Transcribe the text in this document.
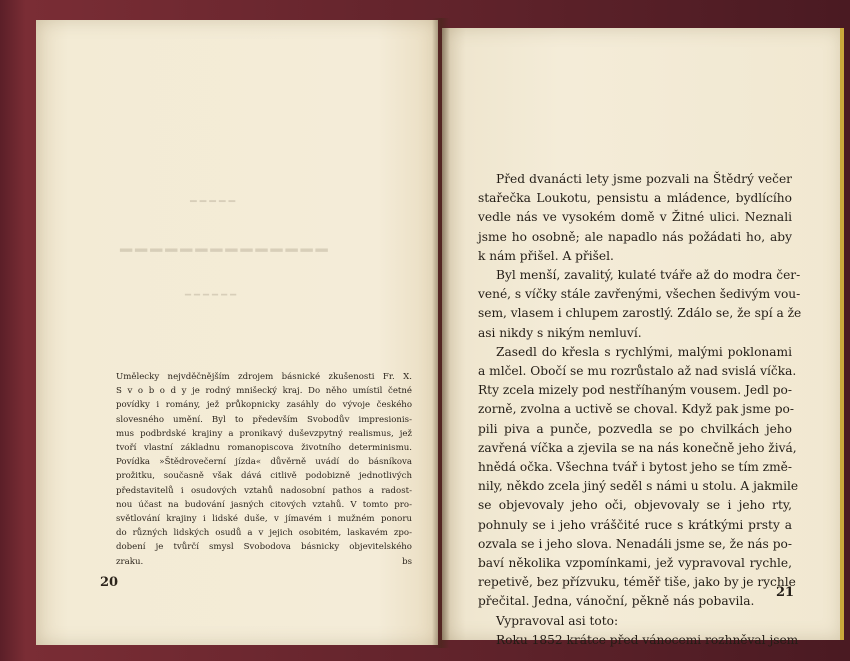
━━━━━
━━━━━━━━━━━━━━
━━━━━━
Umělecky nejvděčnějším zdrojem básnické zkušenosti Fr. X.
S v o b o d y je rodný mnišecký kraj. Do něho umístil četné
povídky i romány, jež průkopnicky zasáhly do vývoje českého
slovesného umění. Byl to především Svobodův impresionis-
mus podbrdské krajiny a pronikavý duševzpytný realismus, jež
tvoří vlastní základnu romanopiscova životního determinismu.
Povídka »Štědrovečerní jízda« důvěrně uvádí do básníkova
prožitku, současně však dává citlivě podobizně jednotlivých
představitelů i osudových vztahů nadosobní pathos a radost-
nou účast na budování jasných citových vztahů. V tomto pro-
světlování krajiny i lidské duše, v jímavém i mužném ponoru
do různých lidských osudů a v jejich osobitém, laskavém zpo-
dobení je tvůrčí smysl Svobodova básnicky objevitelského
zraku.	bs
20
Před dvanácti lety jsme pozvali na Štědrý večer
stařečka Loukotu, pensistu a mládence, bydlícího
vedle nás ve vysokém domě v Žitné ulici. Neznali
jsme ho osobně; ale napadlo nás požádati ho, aby
k nám přišel. A přišel.
Byl menší, zavalitý, kulaté tváře až do modra čer-
vené, s víčky stále zavřenými, všechen šedivým vou-
sem, vlasem i chlupem zarostlý. Zdálo se, že spí a že
asi nikdy s nikým nemluví.
Zasedl do křesla s rychlými, malými poklonami
a mlčel. Obočí se mu rozrůstalo až nad svislá víčka.
Rty zcela mizely pod nestříhaným vousem. Jedl po-
zorně, zvolna a uctivě se choval. Když pak jsme po-
pili piva a punče, pozvedla se po chvilkách jeho
zavřená víčka a zjevila se na nás konečně jeho živá,
hnědá očka. Všechna tvář i bytost jeho se tím změ-
nily, někdo zcela jiný seděl s námi u stolu. A jakmile
se objevovaly jeho oči, objevovaly se i jeho rty,
pohnuly se i jeho vráščité ruce s krátkými prsty a
ozvala se i jeho slova. Nenadáli jsme se, že nás po-
baví několika vzpomínkami, jež vypravoval rychle,
repetivě, bez přízvuku, téměř tiše, jako by je rychle
přečital. Jedna, vánoční, pěkně nás pobavila.
Vypravoval asi toto:
Roku 1852 krátce před vánocemi rozhněval jsem
21
